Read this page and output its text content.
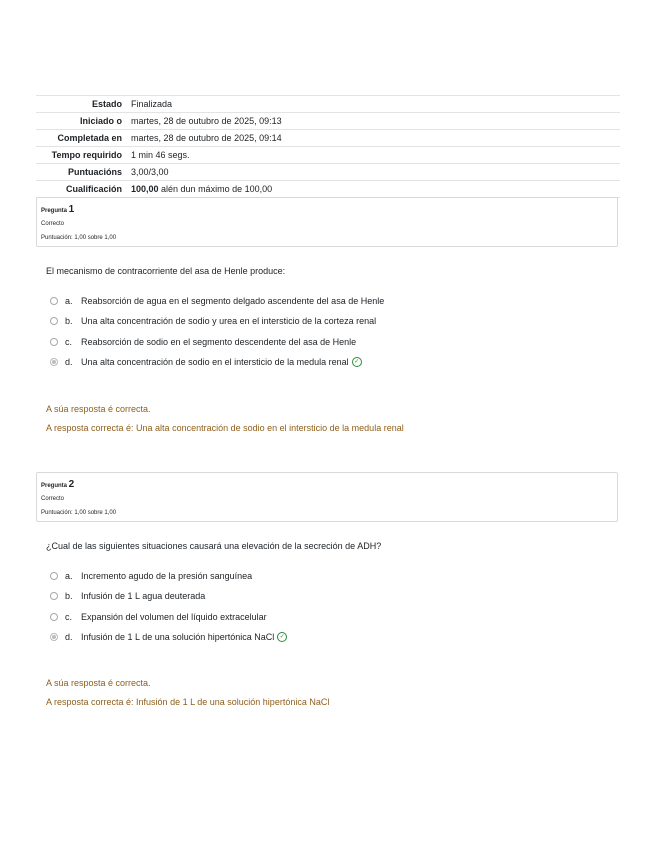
Estado	Finalizada
Iniciado o	martes, 28 de outubro de 2025, 09:13
Completada en	martes, 28 de outubro de 2025, 09:14
Tempo requirido	1 min 46 segs.
Puntuacións	3,00/3,00
Cualificación	100,00 alén dun máximo de 100,00
Pregunta 1
Correcto
Puntuación: 1,00 sobre 1,00
El mecanismo de contracorriente del asa de Henle produce:
a. Reabsorción de agua en el segmento delgado ascendente del asa de Henle
b. Una alta concentración de sodio y urea en el intersticio de la corteza renal
c. Reabsorción de sodio en el segmento descendente del asa de Henle
d. Una alta concentración de sodio en el intersticio de la medula renal ✓
A súa resposta é correcta.
A resposta correcta é: Una alta concentración de sodio en el intersticio de la medula renal
Pregunta 2
Correcto
Puntuación: 1,00 sobre 1,00
¿Cual de las siguientes situaciones causará una elevación de la secreción de ADH?
a. Incremento agudo de la presión sanguínea
b. Infusión de 1 L agua deuterada
c. Expansión del volumen del líquido extracelular
d. Infusión de 1 L de una solución hipertónica NaCl ✓
A súa resposta é correcta.
A resposta correcta é: Infusión de 1 L de una solución hipertónica NaCl
